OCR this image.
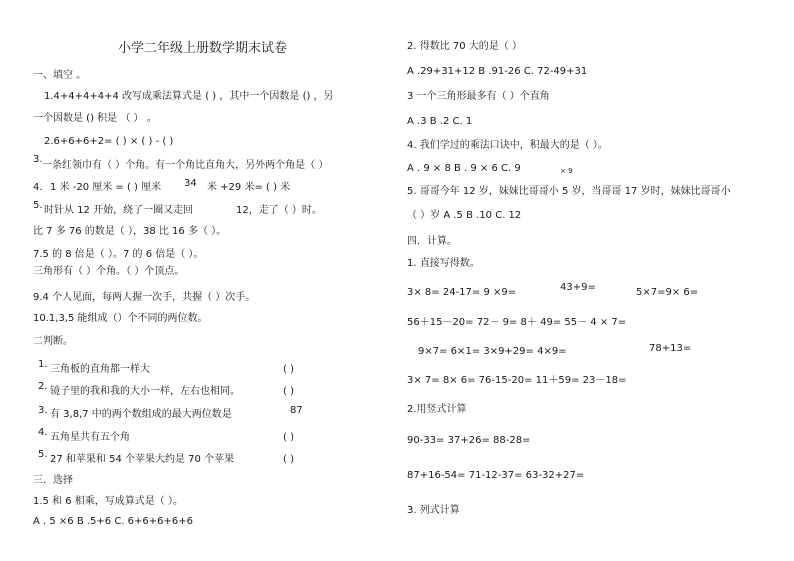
小学二年级上册数学期末试卷
一、填空 。
1.4+4+4+4+4 改写成乘法算式是 ( ) ，其中一个因数是 () ，另
一个因数是 () 积是 （ ） 。
2.6+6+6+2= ( ) × ( ) - ( )
3.
一条红领巾有（ ）个角。有一个角比直角大，另外两个角是（ ）
4. 1 米 -20 厘米 = ( ) 厘米 34 米 +29 米= ( ) 米
5. 时针从 12 开始，绕了一圈又走回	12，走了（ ）时。
比 7 多 76 的数是（ ），38 比 16 多（ ）。
7.5 的 8 倍是（ ）。7 的 6 倍是（ ）。
三角形有（ ）个角。（ ）个顶点。
9.4 个人见面，每两人握一次手，共握（ ）次手。
10.1,3,5 能组成（）个不同的两位数。
二判断。
1. 三角板的直角都一样大	( )
2. 镜子里的我和我的大小一样，左右也相同。	( )
3. 有 3,8,7 中的两个数组成的最大两位数是	87
4. 五角星共有五个角	( )
5. 27 和苹果和 54 个苹果大约是 70 个苹果	( )
三．选择
1.5 和 6 相乘，写成算式是（ ）。
A . 5 ×6 B .5+6 C. 6+6+6+6+6
2. 得数比 70 大的是（ ）
A .29+31+12 B .91-26 C. 72-49+31
3 一个三角形最多有（ ）个直角
A .3 B .2 C. 1
4. 我们学过的乘法口诀中，积最大的是（ ）。
A . 9 × 8 B . 9 × 6 C. 9	× 9
5. 哥哥今年 12 岁，妹妹比哥哥小 5 岁，当哥哥 17 岁时，妹妹比哥哥小
（ ）岁 A .5 B .10 C. 12
四．计算。
1. 直接写得数。
3× 8= 24-17= 9 ×9=	43+9=	5×7=9× 6=
56＋15－20= 72－ 9= 8＋ 49= 55－ 4 × 7=
9×7= 6×1= 3×9+29= 4×9=	78+13=
3× 7= 8× 6= 76-15-20= 11＋59= 23－18=
2.用竖式计算
90-33= 37+26= 88-28=
87+16-54= 71-12-37= 63-32+27=
3. 列式计算
